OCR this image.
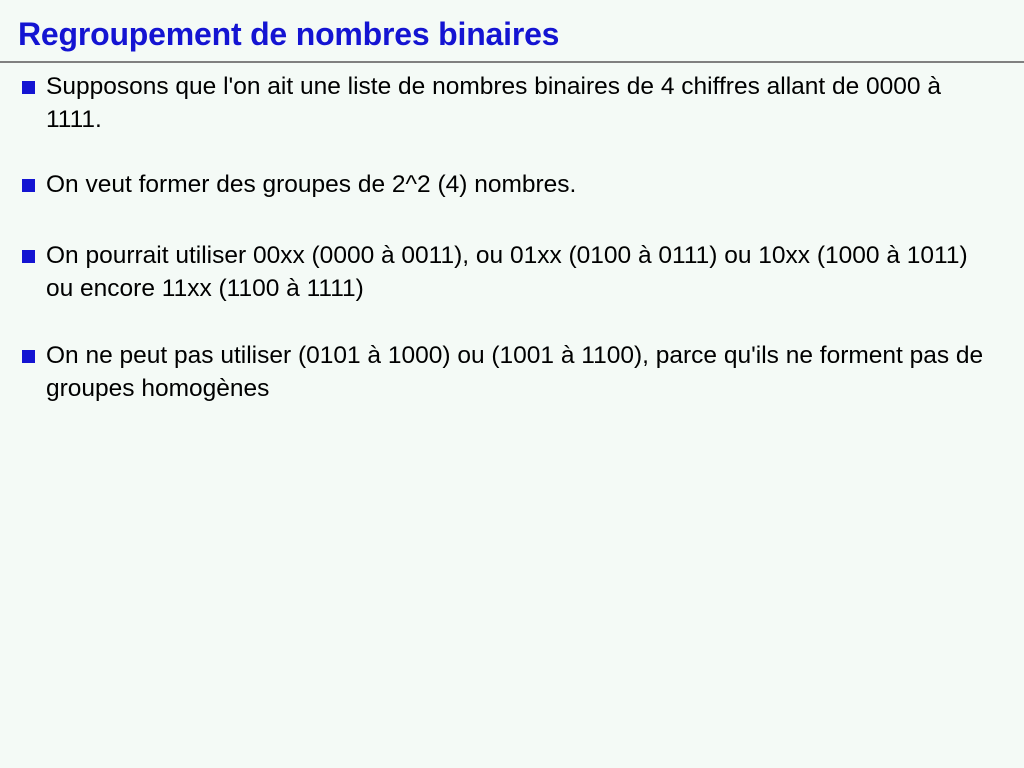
Regroupement de nombres binaires
Supposons que l'on ait une liste de nombres binaires de 4 chiffres allant de 0000 à 1111.
On veut former des groupes de 2^2 (4) nombres.
On pourrait utiliser 00xx (0000 à 0011), ou 01xx (0100 à 0111) ou 10xx (1000 à 1011) ou encore 11xx (1100 à 1111)
On ne peut pas utiliser (0101 à 1000) ou (1001 à 1100), parce qu'ils ne forment pas de groupes homogènes
